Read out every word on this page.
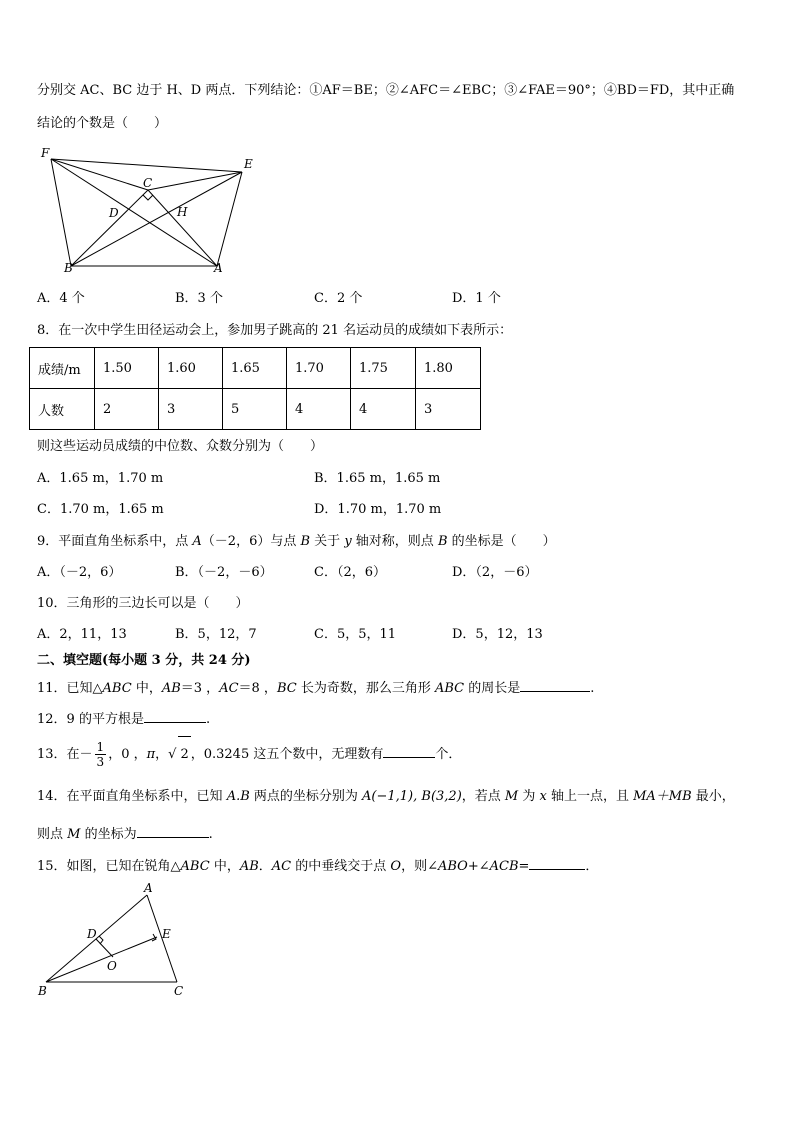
分别交 AC、BC 边于 H、D 两点．下列结论：①AF＝BE；②∠AFC＝∠EBC；③∠FAE＝90°；④BD＝FD，其中正确
结论的个数是（　　）
F
E
C
D	H
B	A
A．4 个	B．3 个	C．2 个	D．1 个
8．在一次中学生田径运动会上，参加男子跳高的 21 名运动员的成绩如下表所示：
成绩/m	1.50	1.60	1.65	1.70	1.75	1.80
人数	2	3	5	4	4	3
则这些运动员成绩的中位数、众数分别为（　　）
A．1.65 m，1.70 m	B．1.65 m，1.65 m
C．1.70 m，1.65 m	D．1.70 m，1.70 m
9．平面直角坐标系中，点 A（－2，6）与点 B 关于 y 轴对称，则点 B 的坐标是（　　）
A．（－2，6）	B．（－2，－6）	C．（2，6）	D．（2，－6）
10．三角形的三边长可以是（　　）
A．2，11，13	B．5，12，7	C．5，5，11	D．5，12，13
二、填空题(每小题 3 分，共 24 分)
11．已知△ABC 中，AB＝3 ，AC＝8 ，BC 长为奇数，那么三角形 ABC 的周长是	.
12．9 的平方根是	.
13．在－ $\frac{1}{3}$ ，0 ，π，√ 2 ，0.3245 这五个数中，无理数有	个．
14．在平面直角坐标系中，已知 A.B 两点的坐标分别为 A(−1,1), B(3,2)，若点 M 为 x 轴上一点，且 MA＋MB 最小，
则点 M 的坐标为	.
15．如图，已知在锐角△ABC 中，AB．AC 的中垂线交于点 O，则∠ABO+∠ACB=	．
A
D	E
O
B	C
